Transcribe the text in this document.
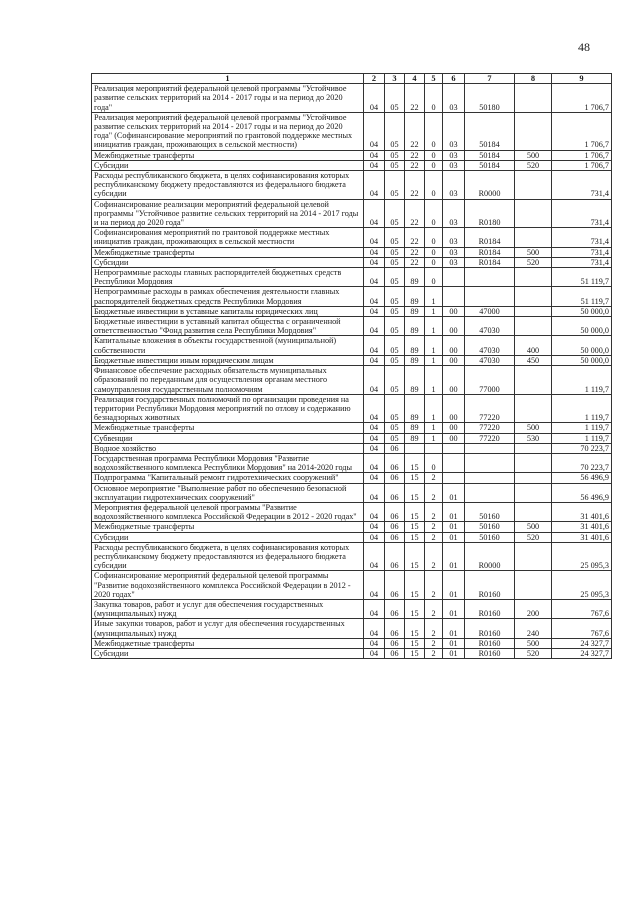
48
1	2	3	4	5	6	7	8	9
Реализация мероприятий федеральной целевой программы "Устойчивое развитие сельских территорий на 2014 - 2017 годы и на период до 2020 года"	04	05	22	0	03	50180		1 706,7
Реализация мероприятий федеральной целевой программы "Устойчивое развитие сельских территорий на 2014 - 2017 годы и на период до 2020 года" (Софинансирование мероприятий по грантовой поддержке местных инициатив граждан, проживающих в сельской местности)	04	05	22	0	03	50184		1 706,7
Межбюджетные трансферты	04	05	22	0	03	50184	500	1 706,7
Субсидии	04	05	22	0	03	50184	520	1 706,7
Расходы республиканского бюджета, в целях софинансирования которых республиканскому бюджету предоставляются из федерального бюджета субсидии	04	05	22	0	03	R0000		731,4
Софинансирование реализации мероприятий федеральной целевой программы "Устойчивое развитие сельских территорий на 2014 - 2017 годы и на период до 2020 года"	04	05	22	0	03	R0180		731,4
Софинансирования мероприятий по грантовой поддержке местных инициатив граждан, проживающих в сельской местности	04	05	22	0	03	R0184		731,4
Межбюджетные трансферты	04	05	22	0	03	R0184	500	731,4
Субсидии	04	05	22	0	03	R0184	520	731,4
Непрограммные расходы главных распорядителей бюджетных средств Республики Мордовия	04	05	89	0				51 119,7
Непрограммные расходы в рамках обеспечения деятельности главных распорядителей бюджетных средств Республики Мордовия	04	05	89	1				51 119,7
Бюджетные инвестиции в уставные капиталы юридических лиц	04	05	89	1	00	47000		50 000,0
Бюджетные инвестиции в уставный капитал общества с ограниченной ответственностью "Фонд развития села Республики Мордовия"	04	05	89	1	00	47030		50 000,0
Капитальные вложения в объекты государственной (муниципальной) собственности	04	05	89	1	00	47030	400	50 000,0
Бюджетные инвестиции иным юридическим лицам	04	05	89	1	00	47030	450	50 000,0
Финансовое обеспечение расходных обязательств муниципальных образований по переданным для осуществления органам местного самоуправления государственным полномочиям	04	05	89	1	00	77000		1 119,7
Реализация государственных полномочий по организации проведения на территории Республики Мордовия мероприятий по отлову и содержанию безнадзорных животных	04	05	89	1	00	77220		1 119,7
Межбюджетные трансферты	04	05	89	1	00	77220	500	1 119,7
Субвенции	04	05	89	1	00	77220	530	1 119,7
Водное хозяйство	04	06						70 223,7
Государственная программа Республики Мордовия "Развитие водохозяйственного комплекса Республики Мордовия" на 2014-2020 годы	04	06	15	0				70 223,7
Подпрограмма "Капитальный ремонт гидротехнических сооружений"	04	06	15	2				56 496,9
Основное мероприятие "Выполнение работ по обеспечению безопасной эксплуатации гидротехнических сооружений"	04	06	15	2	01			56 496,9
Мероприятия федеральной целевой программы "Развитие водохозяйственного комплекса Российской Федерации в 2012 - 2020 годах"	04	06	15	2	01	50160		31 401,6
Межбюджетные трансферты	04	06	15	2	01	50160	500	31 401,6
Субсидии	04	06	15	2	01	50160	520	31 401,6
Расходы республиканского бюджета, в целях софинансирования которых республиканскому бюджету предоставляются из федерального бюджета субсидии	04	06	15	2	01	R0000		25 095,3
Софинансирование мероприятий федеральной целевой программы "Развитие водохозяйственного комплекса Российской Федерации в 2012 - 2020 годах"	04	06	15	2	01	R0160		25 095,3
Закупка товаров, работ и услуг для обеспечения государственных (муниципальных) нужд	04	06	15	2	01	R0160	200	767,6
Иные закупки товаров, работ и услуг для обеспечения государственных (муниципальных) нужд	04	06	15	2	01	R0160	240	767,6
Межбюджетные трансферты	04	06	15	2	01	R0160	500	24 327,7
Субсидии	04	06	15	2	01	R0160	520	24 327,7
